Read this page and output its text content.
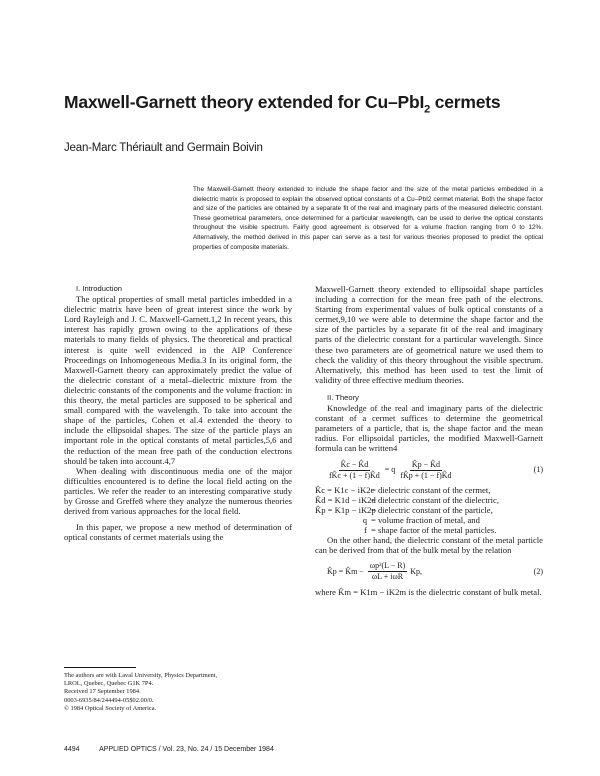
Maxwell-Garnett theory extended for Cu–PbI$_2$ cermets
Jean-Marc Thériault and Germain Boivin
The Maxwell-Garnett theory extended to include the shape factor and the size of the metal particles embedded in a dielectric matrix is proposed to explain the observed optical constants of a Cu–PbI2 cermet material. Both the shape factor and size of the particles are obtained by a separate fit of the real and imaginary parts of the measured dielectric constant. These geometrical parameters, once determined for a particular wavelength, can be used to derive the optical constants throughout the visible spectrum. Fairly good agreement is observed for a volume fraction ranging from 0 to 12%. Alternatively, the method derived in this paper can serve as a test for various theories proposed to predict the optical properties of composite materials.

I. Introduction

The optical properties of small metal particles imbedded in a dielectric matrix have been of great interest since the work by Lord Rayleigh and J. C. Maxwell-Garnett.1,2 In recent years, this interest has rapidly grown owing to the applications of these materials to many fields of physics. The theoretical and practical interest is quite well evidenced in the AIP Conference Proceedings on Inhomogeneous Media.3 In its original form, the Maxwell-Garnett theory can approximately predict the value of the dielectric constant of a metal–dielectric mixture from the dielectric constants of the components and the volume fraction: in this theory, the metal particles are supposed to be spherical and small compared with the wavelength. To take into account the shape of the particles, Cohen et al.4 extended the theory to include the ellipsoidal shapes. The size of the particle plays an important role in the optical constants of metal particles,5,6 and the reduction of the mean free path of the conduction electrons should be taken into account.4,7

When dealing with discontinuous media one of the major difficulties encountered is to define the local field acting on the particles. We refer the reader to an interesting comparative study by Grosse and Greffe8 where they analyze the numerous theories derived from various approaches for the local field.

In this paper, we propose a new method of determination of optical constants of cermet materials using the

Maxwell-Garnett theory extended to ellipsoidal shape particles including a correction for the mean free path of the electrons. Starting from experimental values of bulk optical constants of a cermet,9,10 we were able to determine the shape factor and the size of the particles by a separate fit of the real and imaginary parts of the dielectric constant for a particular wavelength. Since these two parameters are of geometrical nature we used them to check the validity of this theory throughout the visible spectrum. Alternatively, this method has been used to test the limit of validity of three effective medium theories.

II. Theory

Knowledge of the real and imaginary parts of the dielectric constant of a cermet suffices to determine the geometrical parameters of a particle, that is, the shape factor and the mean radius. For ellipsoidal particles, the modified Maxwell-Garnett formula can be written4

$\frac{K̂c - K̂d}{fK̂c + (1 - f)K̂d} = q \frac{K̂p - K̂d}{fK̂p + (1 - f)K̂d}$	(1)
K̂c = K1c − iK2c
= dielectric constant of the cermet,
K̂d = K1d − iK2d
= dielectric constant of the dielectric,
K̂p = K1p − iK2p
= dielectric constant of the particle,
q = volume fraction of metal, and
f = shape factor of the metal particles.

On the other hand, the dielectric constant of the metal particle can be derived from that of the bulk metal by the relation

K̂p = K̂m − $\frac{\text{ωp²(L − R)}}{\text{ωL + iωR}} Kp$,	(2)

where K̂m = K1m − iK2m is the dielectric constant of bulk metal.

The authors are with Laval University, Physics Department,
LROL, Quebec, Quebec G1K 7P4.
Received 17 September 1984.
0003-6935/84/244494-05$02.00/0.
© 1984 Optical Society of America.
4494	APPLIED OPTICS / Vol. 23, No. 24 / 15 December 1984
